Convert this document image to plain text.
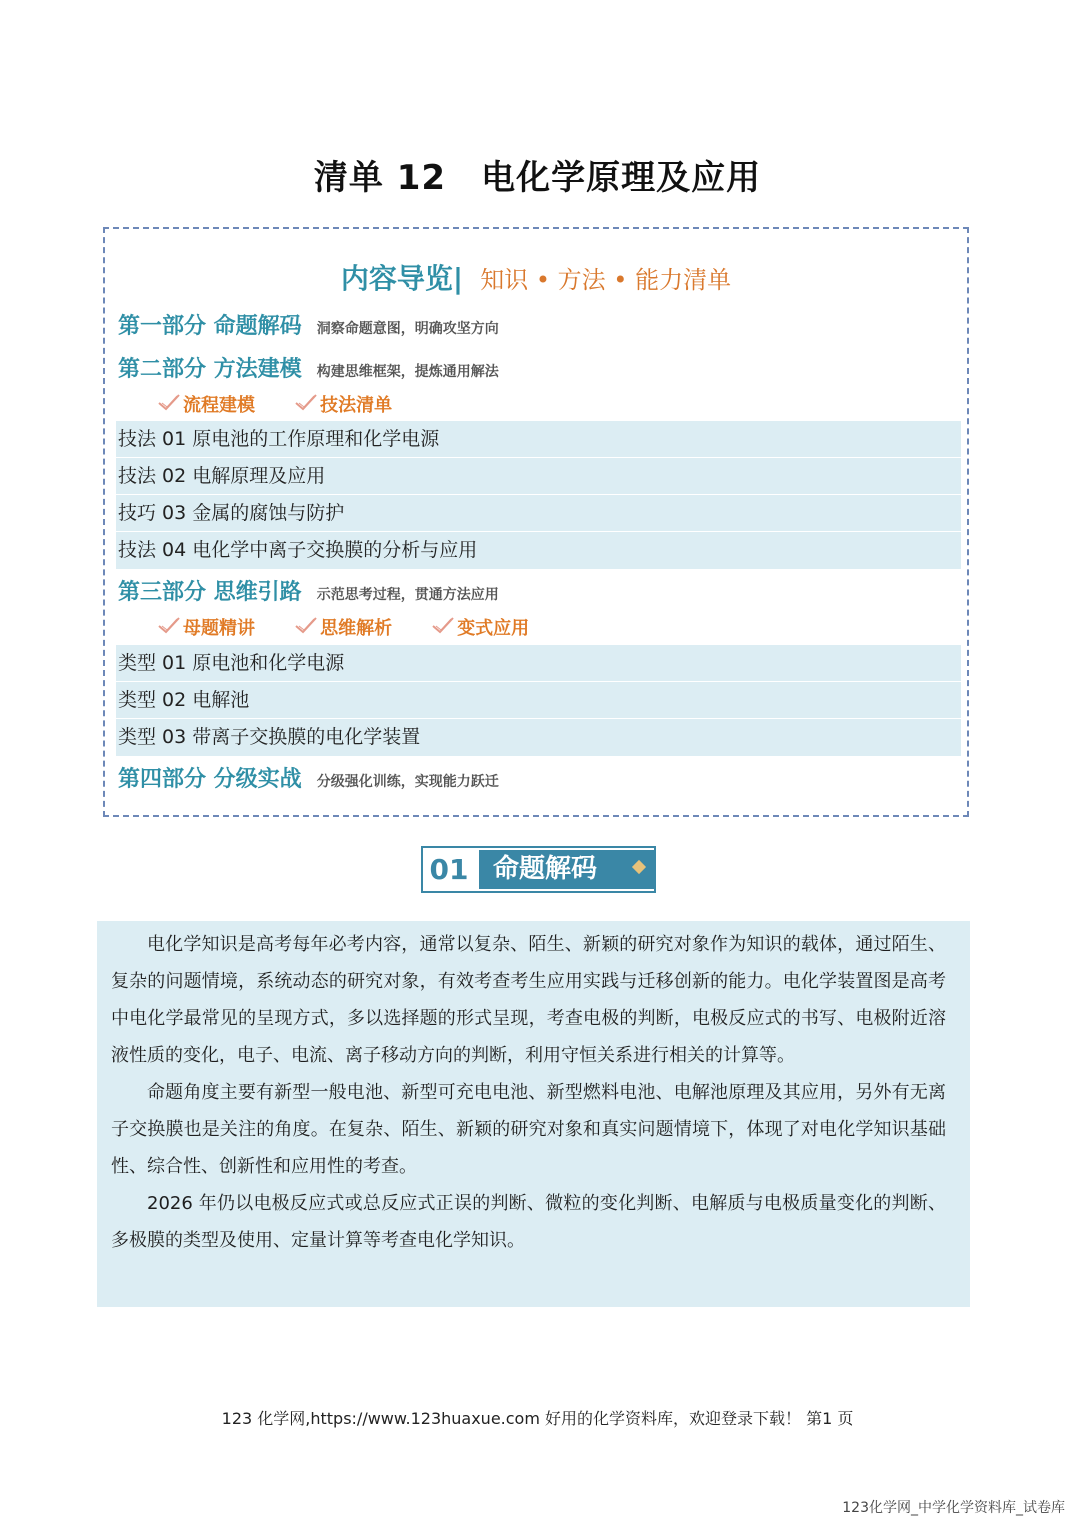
清单 12　电化学原理及应用
内容导览| 知识 • 方法 • 能力清单
第一部分 命题解码 洞察命题意图，明确攻坚方向
第二部分 方法建模 构建思维框架，提炼通用解法
流程建模	技法清单
技法 01 原电池的工作原理和化学电源
技法 02 电解原理及应用
技巧 03 金属的腐蚀与防护
技法 04 电化学中离子交换膜的分析与应用
第三部分 思维引路 示范思考过程，贯通方法应用
母题精讲	思维解析	变式应用
类型 01 原电池和化学电源
类型 02 电解池
类型 03 带离子交换膜的电化学装置
第四部分 分级实战 分级强化训练，实现能力跃迁
01 命题解码

电化学知识是高考每年必考内容，通常以复杂、陌生、新颖的研究对象作为知识的载体，通过陌生、复杂的问题情境，系统动态的研究对象，有效考查考生应用实践与迁移创新的能力。电化学装置图是高考中电化学最常见的呈现方式，多以选择题的形式呈现，考查电极的判断，电极反应式的书写、电极附近溶液性质的变化，电子、电流、离子移动方向的判断，利用守恒关系进行相关的计算等。

命题角度主要有新型一般电池、新型可充电电池、新型燃料电池、电解池原理及其应用，另外有无离子交换膜也是关注的角度。在复杂、陌生、新颖的研究对象和真实问题情境下，体现了对电化学知识基础性、综合性、创新性和应用性的考查。

2026 年仍以电极反应式或总反应式正误的判断、微粒的变化判断、电解质与电极质量变化的判断、多极膜的类型及使用、定量计算等考查电化学知识。

123 化学网,https://www.123huaxue.com 好用的化学资料库，欢迎登录下载！ 第1 页
123化学网_中学化学资料库_试卷库
